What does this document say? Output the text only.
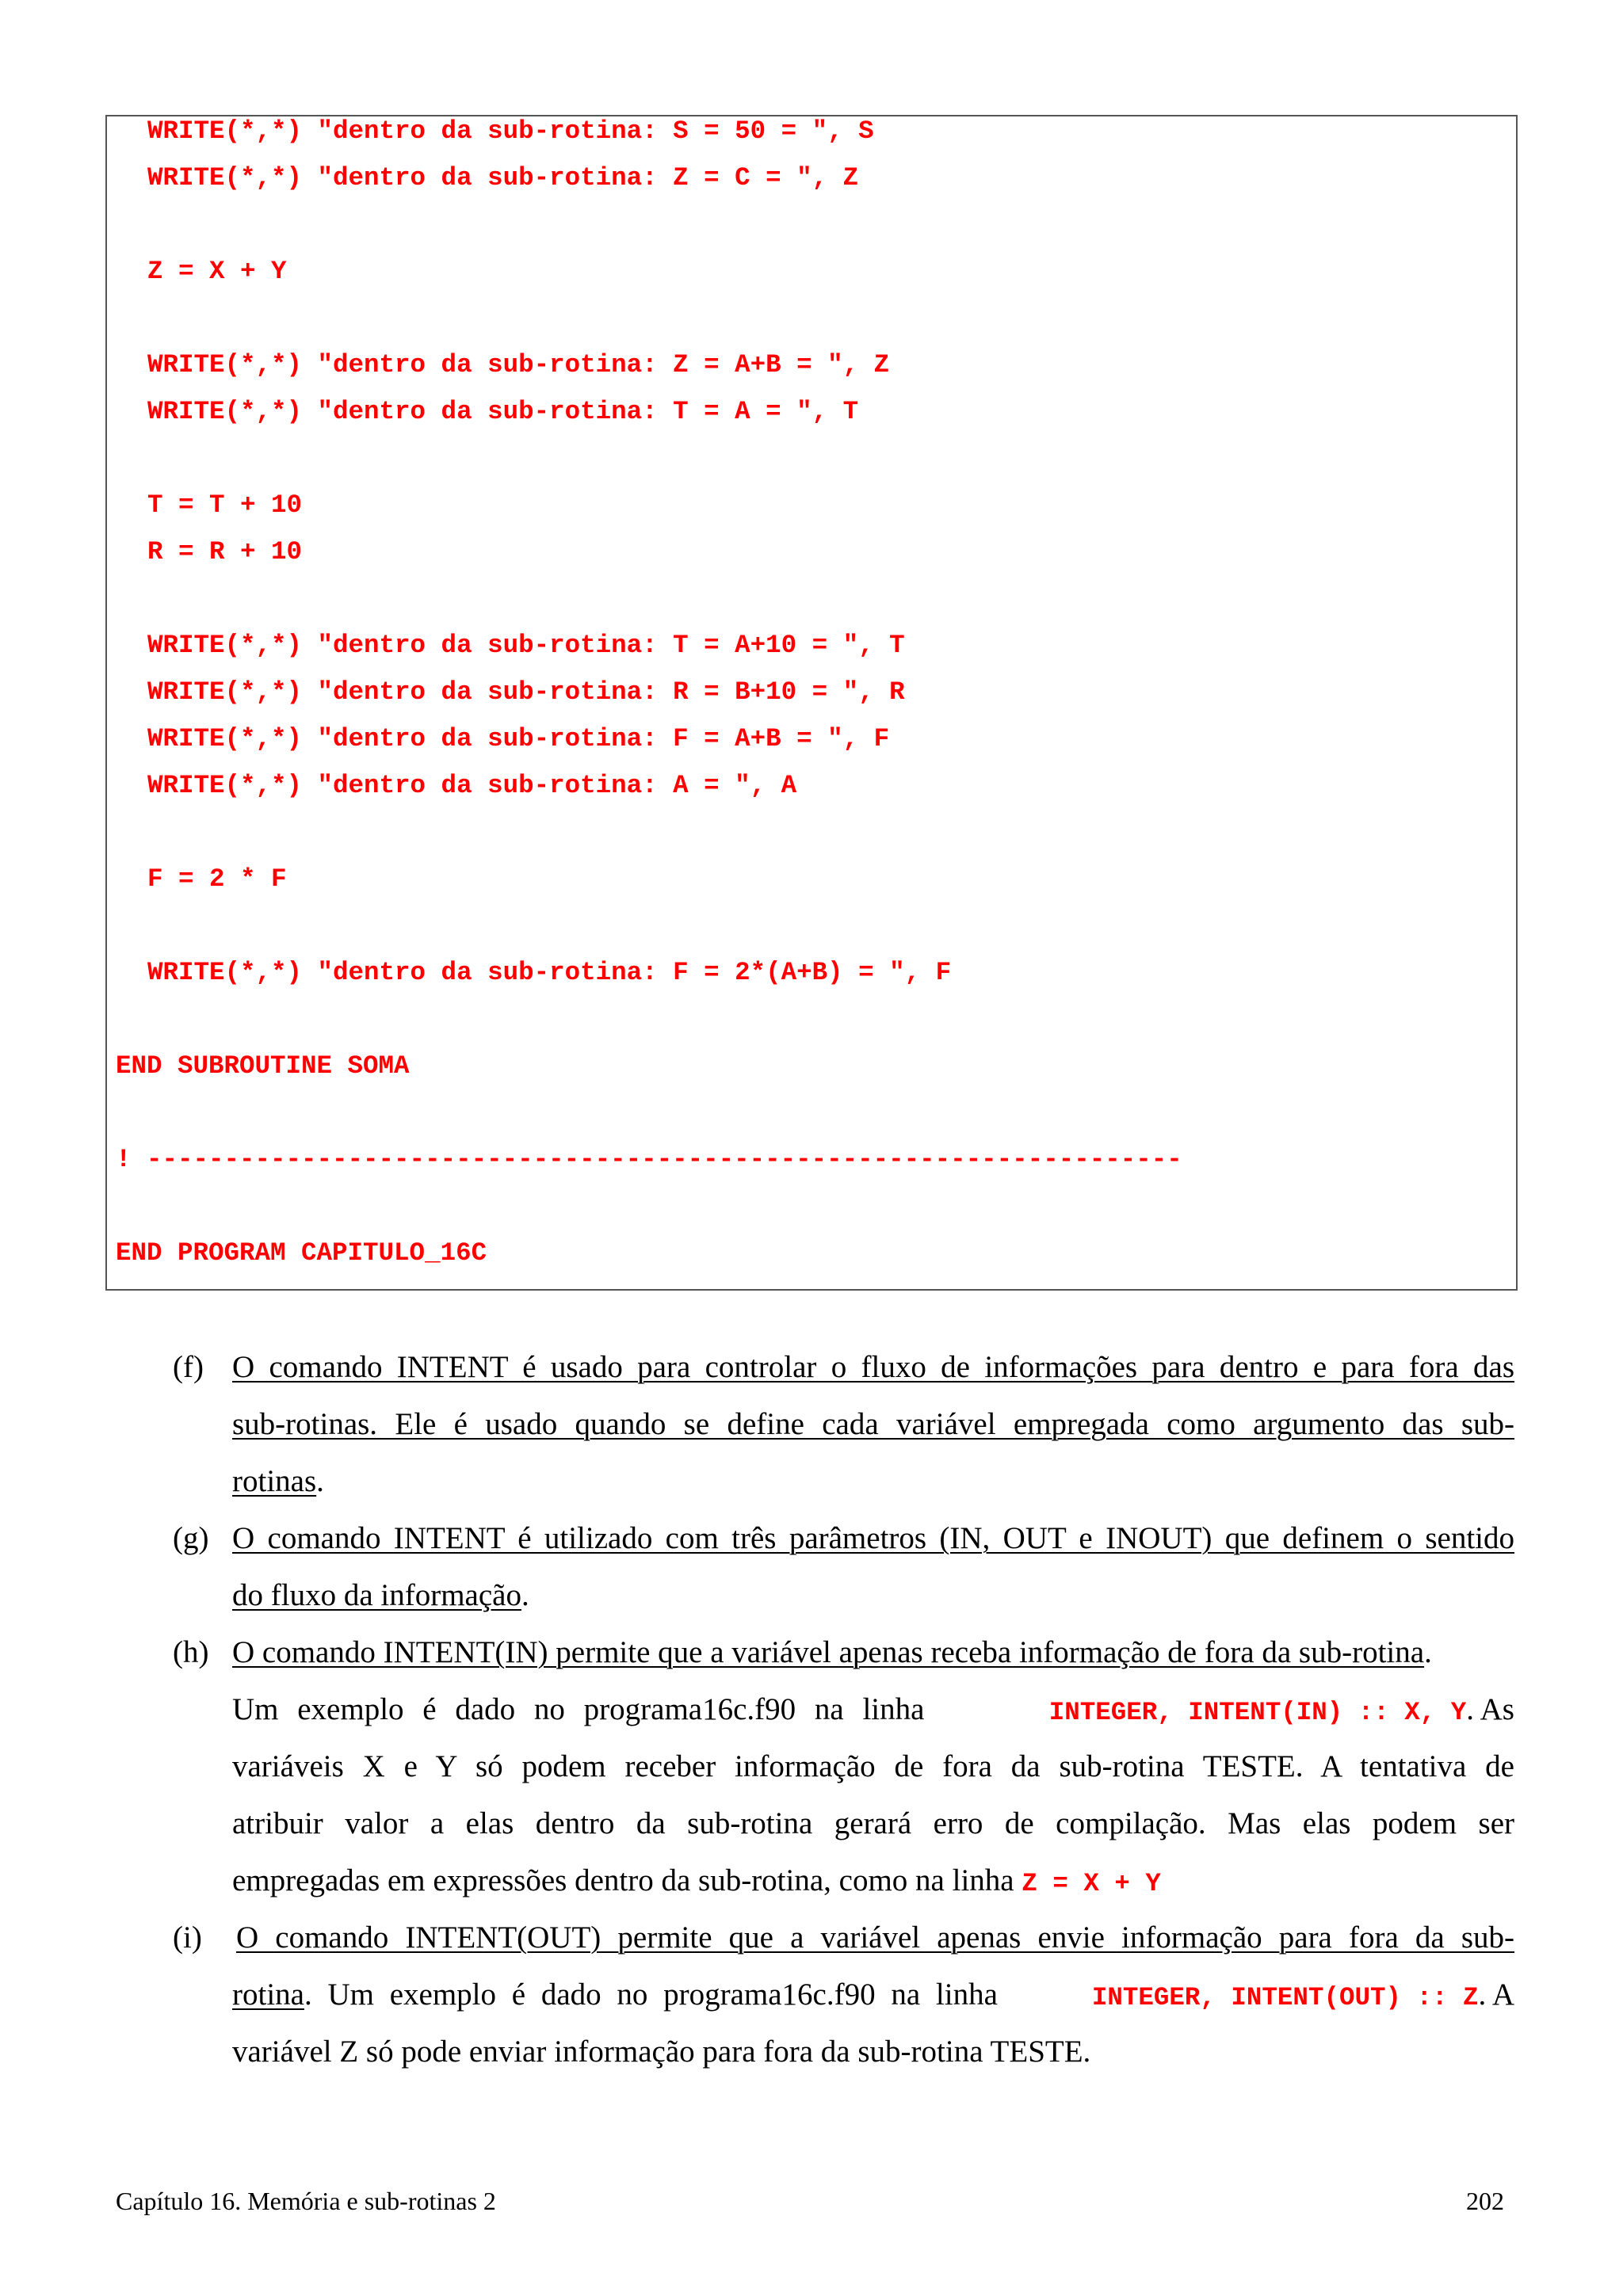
WRITE(*,*) "dentro da sub-rotina: S = 50 = ", S
WRITE(*,*) "dentro da sub-rotina: Z = C = ", Z
Z = X + Y
WRITE(*,*) "dentro da sub-rotina: Z = A+B = ", Z
WRITE(*,*) "dentro da sub-rotina: T = A = ", T
T = T + 10
R = R + 10
WRITE(*,*) "dentro da sub-rotina: T = A+10 = ", T
WRITE(*,*) "dentro da sub-rotina: R = B+10 = ", R
WRITE(*,*) "dentro da sub-rotina: F = A+B = ", F
WRITE(*,*) "dentro da sub-rotina: A = ", A
F = 2 * F
WRITE(*,*) "dentro da sub-rotina: F = 2*(A+B) = ", F
END SUBROUTINE SOMA
! -------------------------------------------------------------------
END PROGRAM CAPITULO_16C
(f) O comando INTENT é usado para controlar o fluxo de informações para dentro e para fora das
sub-rotinas. Ele é usado quando se define cada variável empregada como argumento das sub-
rotinas.
(g) O comando INTENT é utilizado com três parâmetros (IN, OUT e INOUT) que definem o sentido
do fluxo da informação.
(h) O comando INTENT(IN) permite que a variável apenas receba informação de fora da sub-rotina.
Um exemplo é dado no programa16c.f90 na linha	INTEGER, INTENT(IN) :: X, Y. As
variáveis X e Y só podem receber informação de fora da sub-rotina TESTE. A tentativa de
atribuir valor a elas dentro da sub-rotina gerará erro de compilação. Mas elas podem ser
empregadas em expressões dentro da sub-rotina, como na linha Z = X + Y
(i) O comando INTENT(OUT) permite que a variável apenas envie informação para fora da sub-
rotina. Um exemplo é dado no programa16c.f90 na linha	INTEGER, INTENT(OUT) :: Z. A
variável Z só pode enviar informação para fora da sub-rotina TESTE.
Capítulo 16. Memória e sub-rotinas 2	202
